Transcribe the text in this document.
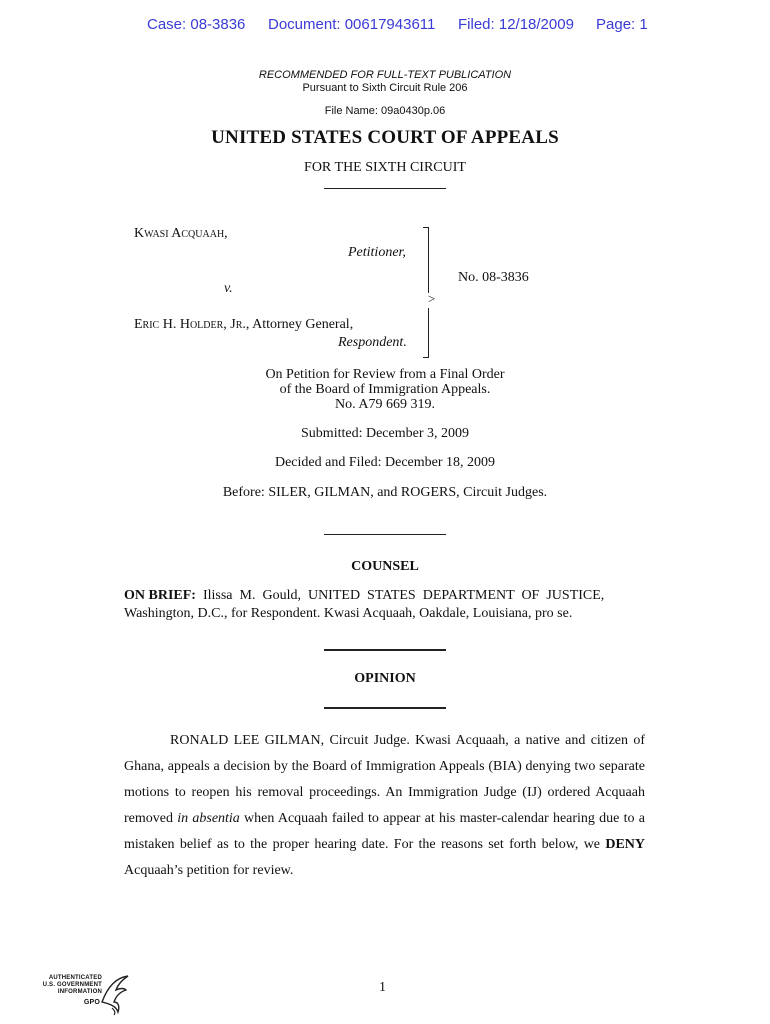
Case: 08-3836 Document: 00617943611 Filed: 12/18/2009 Page: 1
RECOMMENDED FOR FULL-TEXT PUBLICATION
Pursuant to Sixth Circuit Rule 206
File Name: 09a0430p.06
UNITED STATES COURT OF APPEALS
FOR THE SIXTH CIRCUIT
Kwasi Acquaah,
Petitioner,
v.
Eric H. Holder, Jr., Attorney General,
Respondent.
>
No. 08-3836
On Petition for Review from a Final Order
of the Board of Immigration Appeals.
No. A79 669 319.
Submitted: December 3, 2009
Decided and Filed: December 18, 2009
Before: SILER, GILMAN, and ROGERS, Circuit Judges.
COUNSEL
ON BRIEF:  Ilissa  M.  Gould,  UNITED  STATES  DEPARTMENT  OF  JUSTICE,
Washington, D.C., for Respondent. Kwasi Acquaah, Oakdale, Louisiana, pro se.
OPINION

RONALD LEE GILMAN, Circuit Judge. Kwasi Acquaah, a native and citizen of Ghana, appeals a decision by the Board of Immigration Appeals (BIA) denying two separate motions to reopen his removal proceedings. An Immigration Judge (IJ) ordered Acquaah removed in absentia when Acquaah failed to appear at his master-calendar hearing due to a mistaken belief as to the proper hearing date. For the reasons set forth below, we DENY Acquaah’s petition for review.

AUTHENTICATED
U.S. GOVERNMENT
INFORMATION
GPO
1
